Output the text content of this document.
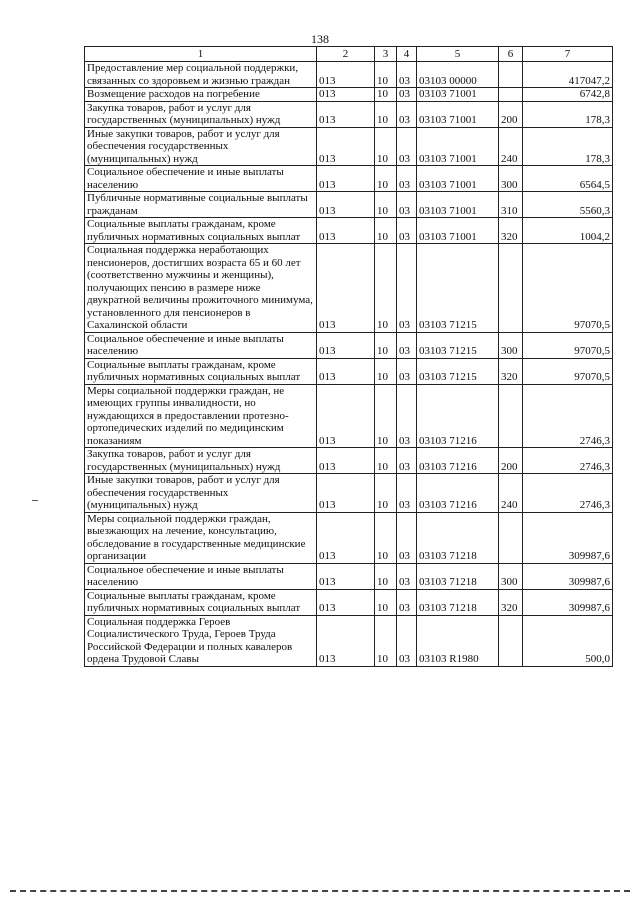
138
1	2	3	4	5	6	7
Предоставление мер социальной поддержки, связанных со здоровьем и жизнью граждан	013	10	03	03103 00000		417047,2
Возмещение расходов на погребение	013	10	03	03103 71001		6742,8
Закупка товаров, работ и услуг для государственных (муниципальных) нужд	013	10	03	03103 71001	200	178,3
Иные закупки товаров, работ и услуг для обеспечения государственных (муниципальных) нужд	013	10	03	03103 71001	240	178,3
Социальное обеспечение и иные выплаты населению	013	10	03	03103 71001	300	6564,5
Публичные нормативные социальные выплаты гражданам	013	10	03	03103 71001	310	5560,3
Социальные выплаты гражданам, кроме публичных нормативных социальных выплат	013	10	03	03103 71001	320	1004,2
Социальная поддержка неработающих пенсионеров, достигших возраста 65 и 60 лет (соответственно мужчины и женщины), получающих пенсию в размере ниже двукратной величины прожиточного минимума, установленного для пенсионеров в Сахалинской области	013	10	03	03103 71215		97070,5
Социальное обеспечение и иные выплаты населению	013	10	03	03103 71215	300	97070,5
Социальные выплаты гражданам, кроме публичных нормативных социальных выплат	013	10	03	03103 71215	320	97070,5
Меры социальной поддержки граждан, не имеющих группы инвалидности, но нуждающихся в предоставлении протезно-ортопедических изделий по медицинским показаниям	013	10	03	03103 71216		2746,3
Закупка товаров, работ и услуг для государственных (муниципальных) нужд	013	10	03	03103 71216	200	2746,3
Иные закупки товаров, работ и услуг для обеспечения государственных (муниципальных) нужд	013	10	03	03103 71216	240	2746,3
Меры социальной поддержки граждан, выезжающих на лечение, консультацию, обследование в государственные медицинские организации	013	10	03	03103 71218		309987,6
Социальное обеспечение и иные выплаты населению	013	10	03	03103 71218	300	309987,6
Социальные выплаты гражданам, кроме публичных нормативных социальных выплат	013	10	03	03103 71218	320	309987,6
Социальная поддержка Героев Социалистического Труда, Героев Труда Российской Федерации и полных кавалеров ордена Трудовой Славы	013	10	03	03103 R1980		500,0
